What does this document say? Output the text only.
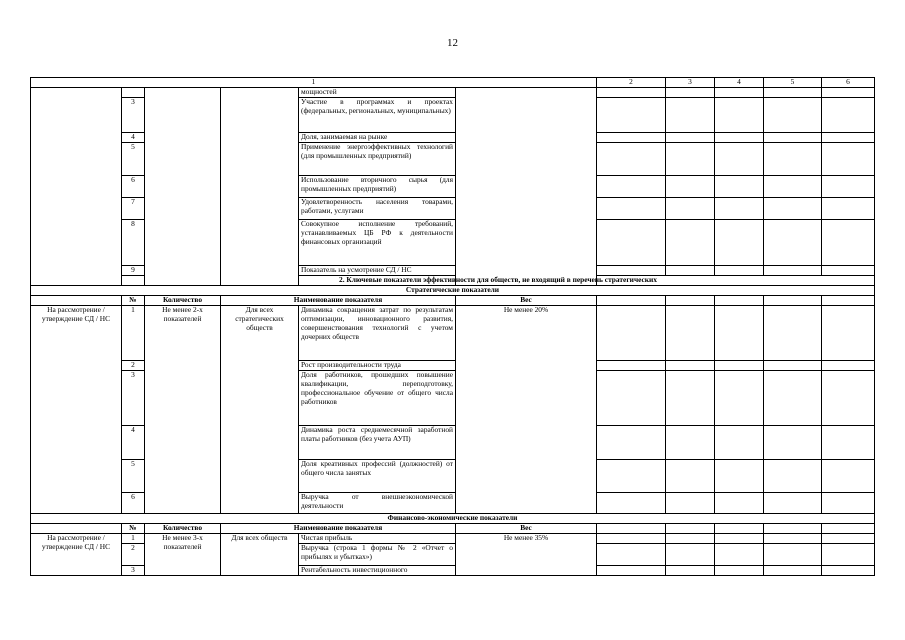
12
1						2	3	4	5	6
				мощностей						
	3			Участие в программах и проектах (федеральных, региональных, муниципальных)						
	4			Доля, занимаемая на рынке						
	5			Применение энергоэффективных технологий (для промышленных предприятий)						
	6			Использование вторичного сырья (для промышленных предприятий)						
	7			Удовлетворенность населения товарами, работами, услугами						
	8			Совокупное исполнение требований, устанавливаемых ЦБ РФ к деятельности финансовых организаций						
	9			Показатель на усмотрение СД / НС						
	2. Ключевые показатели эффективности для обществ, не входящий в перечень стратегических									
Стратегические показатели										
	№	Количество	Наименование показателя		Вес					
На рассмотрение /утверждение СД / НС	1	Не менее 2-х показателей	Для всех стратегических обществ	Динамика сокращения затрат по результатам оптимизации, инновационного развития, совершенствования технологий с учетом дочерних обществ	Не менее 20%					
	2			Рост производительности труда						
	3			Доля работников, прошедших повышение квалификации, переподготовку, профессиональное обучение от общего числа работников						
	4			Динамика роста среднемесячной заработной платы работников (без учета АУП)						
	5			Доля креативных профессий (должностей) от общего числа занятых						
	6			Выручка от внешнеэкономической деятельности						
Финансово-экономические показатели										
	№	Количество	Наименование показателя		Вес					
На рассмотрение /утверждение СД / НС	1	Не менее 3-х показателей	Для всех обществ	Чистая прибыль	Не менее 35%					
	2			Выручка (строка 1 формы № 2 «Отчет о прибылях и убытках»)						
	3			Рентабельность инвестиционного						
